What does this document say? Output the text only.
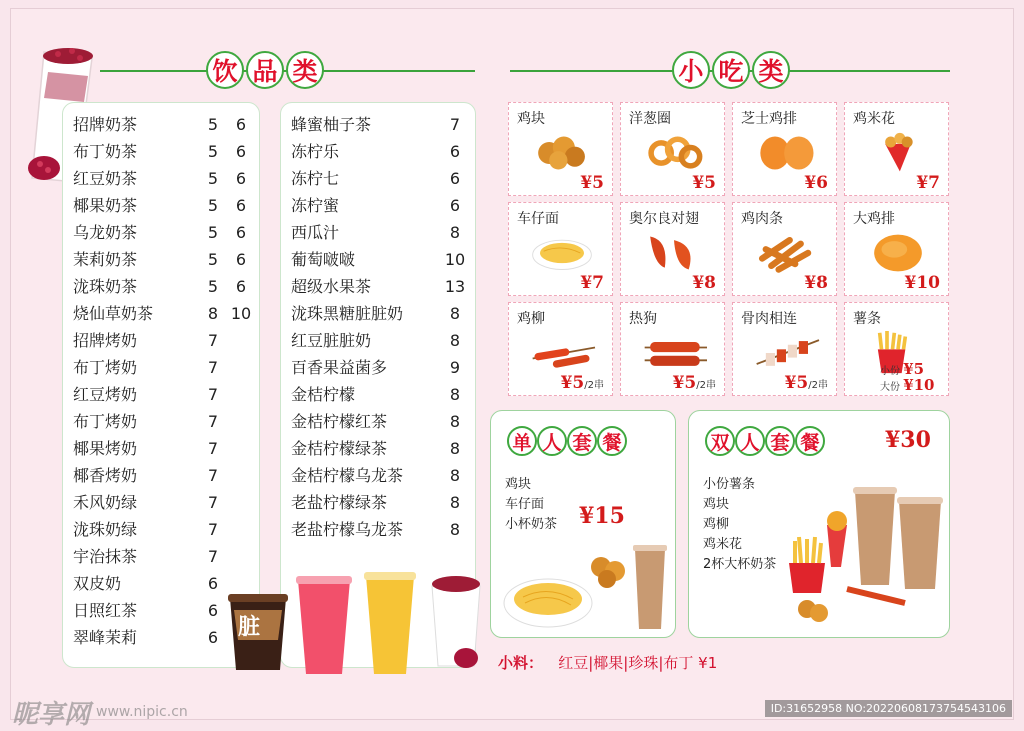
饮 品 类	小 吃 类
招牌奶茶	5	6
布丁奶茶	5	6
红豆奶茶	5	6
椰果奶茶	5	6
乌龙奶茶	5	6
茉莉奶茶	5	6
泷珠奶茶	5	6
烧仙草奶茶	8 10
招牌烤奶	7
布丁烤奶	7
红豆烤奶	7
布丁烤奶	7
椰果烤奶	7
椰香烤奶	7
禾风奶绿	7
泷珠奶绿	7
宇治抹茶	7
双皮奶	6
日照红茶	6
翠峰茉莉	6
蜂蜜柚子茶	7
冻柠乐	6
冻柠七	6
冻柠蜜	6
西瓜汁	8
葡萄啵啵	10
超级水果茶	13
泷珠黑糖脏脏奶	8
红豆脏脏奶	8
百香果益菌多	9
金桔柠檬	8
金桔柠檬红茶	8
金桔柠檬绿茶	8
金桔柠檬乌龙茶	8
老盐柠檬绿茶	8
老盐柠檬乌龙茶	8
脏
鸡块
¥5
洋葱圈
¥5
芝士鸡排
¥6
鸡米花
¥7
车仔面
¥7
奥尔良对翅
¥8
鸡肉条
¥8
大鸡排
¥10
鸡柳
¥5/2串
热狗
¥5/2串
骨肉相连
¥5/2串
薯条
小份 ¥5
大份 ¥10
单 人 套 餐
鸡块
车仔面
小杯奶茶 ¥15
双 人 套 餐	¥30
小份薯条
鸡块
鸡柳
鸡米花
2杯大杯奶茶
小料： 红豆|椰果|珍珠|布丁 ¥1
昵享网 www.nipic.cn	ID:31652958 NO:20220608173754543106
